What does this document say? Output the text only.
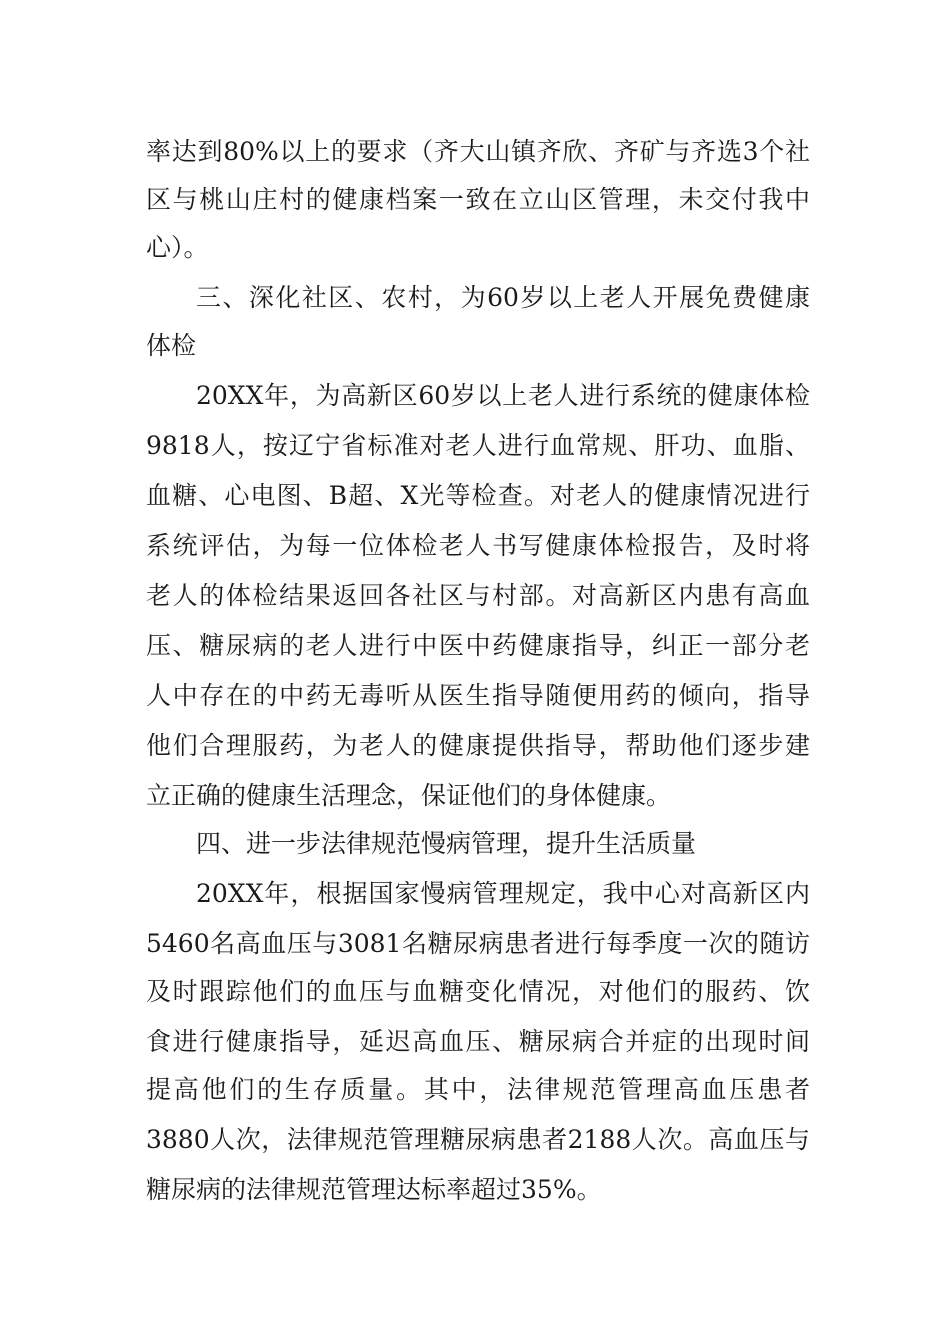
率达到80%以上的要求（齐大山镇齐欣、齐矿与齐选3个社
区与桃山庄村的健康档案一致在立山区管理，未交付我中
心）。
三、深化社区、农村，为60岁以上老人开展免费健康
体检
20XX年，为高新区60岁以上老人进行系统的健康体检
9818人，按辽宁省标准对老人进行血常规、肝功、血脂、
血糖、心电图、B超、X光等检查。对老人的健康情况进行
系统评估，为每一位体检老人书写健康体检报告，及时将
老人的体检结果返回各社区与村部。对高新区内患有高血
压、糖尿病的老人进行中医中药健康指导，纠正一部分老
人中存在的中药无毒听从医生指导随便用药的倾向，指导
他们合理服药，为老人的健康提供指导，帮助他们逐步建
立正确的健康生活理念，保证他们的身体健康。
四、进一步法律规范慢病管理，提升生活质量
20XX年，根据国家慢病管理规定，我中心对高新区内
5460名高血压与3081名糖尿病患者进行每季度一次的随访
及时跟踪他们的血压与血糖变化情况，对他们的服药、饮
食进行健康指导，延迟高血压、糖尿病合并症的出现时间
提高他们的生存质量。其中，法律规范管理高血压患者
3880人次，法律规范管理糖尿病患者2188人次。高血压与
糖尿病的法律规范管理达标率超过35%。
